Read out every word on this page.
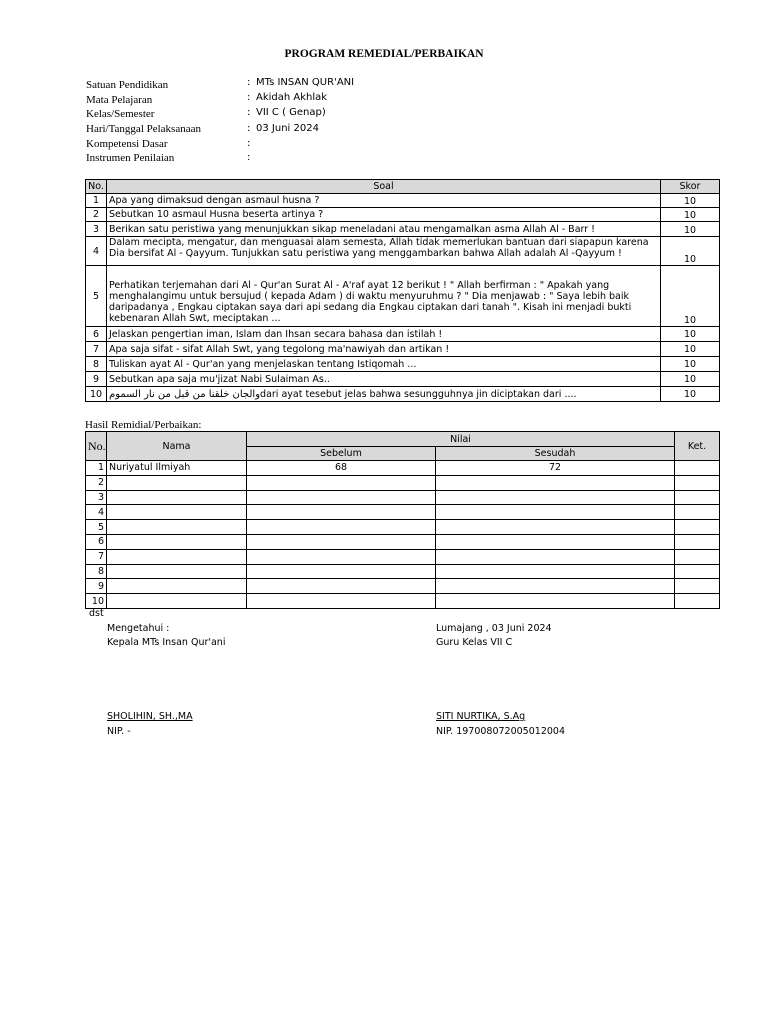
PROGRAM REMEDIAL/PERBAIKAN
Satuan Pendidikan	: MTs INSAN QUR'ANI
Mata Pelajaran	: Akidah Akhlak
Kelas/Semester	: VII C ( Genap)
Hari/Tanggal Pelaksanaan	: 03 Juni 2024
Kompetensi Dasar	:
Instrumen Penilaian	:
No.	Soal	Skor
1	Apa yang dimaksud dengan asmaul husna ?	10
2	Sebutkan 10 asmaul Husna beserta artinya ?	10
3	Berikan satu peristiwa yang menunjukkan sikap meneladani atau mengamalkan asma Allah Al - Barr !	10
4	Dalam mecipta, mengatur, dan menguasai alam semesta, Allah tidak memerlukan bantuan dari siapapun karena Dia bersifat Al - Qayyum. Tunjukkan satu peristiwa yang menggambarkan bahwa Allah adalah Al -Qayyum !	10
5	Perhatikan terjemahan dari Al - Qur'an Surat Al - A'raf ayat 12 berikut ! " Allah berfirman : " Apakah yang menghalangimu untuk bersujud ( kepada Adam ) di waktu menyuruhmu ? " Dia menjawab : " Saya lebih baik daripadanya , Engkau ciptakan saya dari api sedang dia Engkau ciptakan dari tanah ". Kisah ini menjadi bukti kebenaran Allah Swt, meciptakan ...	10
6	Jelaskan pengertian iman, Islam dan Ihsan secara bahasa dan istilah !	10
7	Apa saja sifat - sifat Allah Swt, yang tegolong ma'nawiyah dan artikan !	10
8	Tuliskan ayat Al - Qur'an yang menjelaskan tentang Istiqomah ...	10
9	Sebutkan apa saja mu'jizat Nabi Sulaiman As..	10
10	والجان خلقنا من قبل من نار السمومdari ayat tesebut jelas bahwa sesungguhnya jin diciptakan dari ....	10
Hasil Remidial/Perbaikan:
No.	Nama	Nilai		Ket.
		Sebelum	Sesudah	
1	Nuriyatul Ilmiyah	68	72	
2				
3				
4				
5				
6				
7				
8				
9				
10				
dst
Mengetahui :
Kepala MTs Insan Qur'ani
SHOLIHIN, SH.,MA
NIP. -
Lumajang , 03 Juni 2024
Guru Kelas VII C
SITI NURTIKA, S.Ag
NIP. 197008072005012004
